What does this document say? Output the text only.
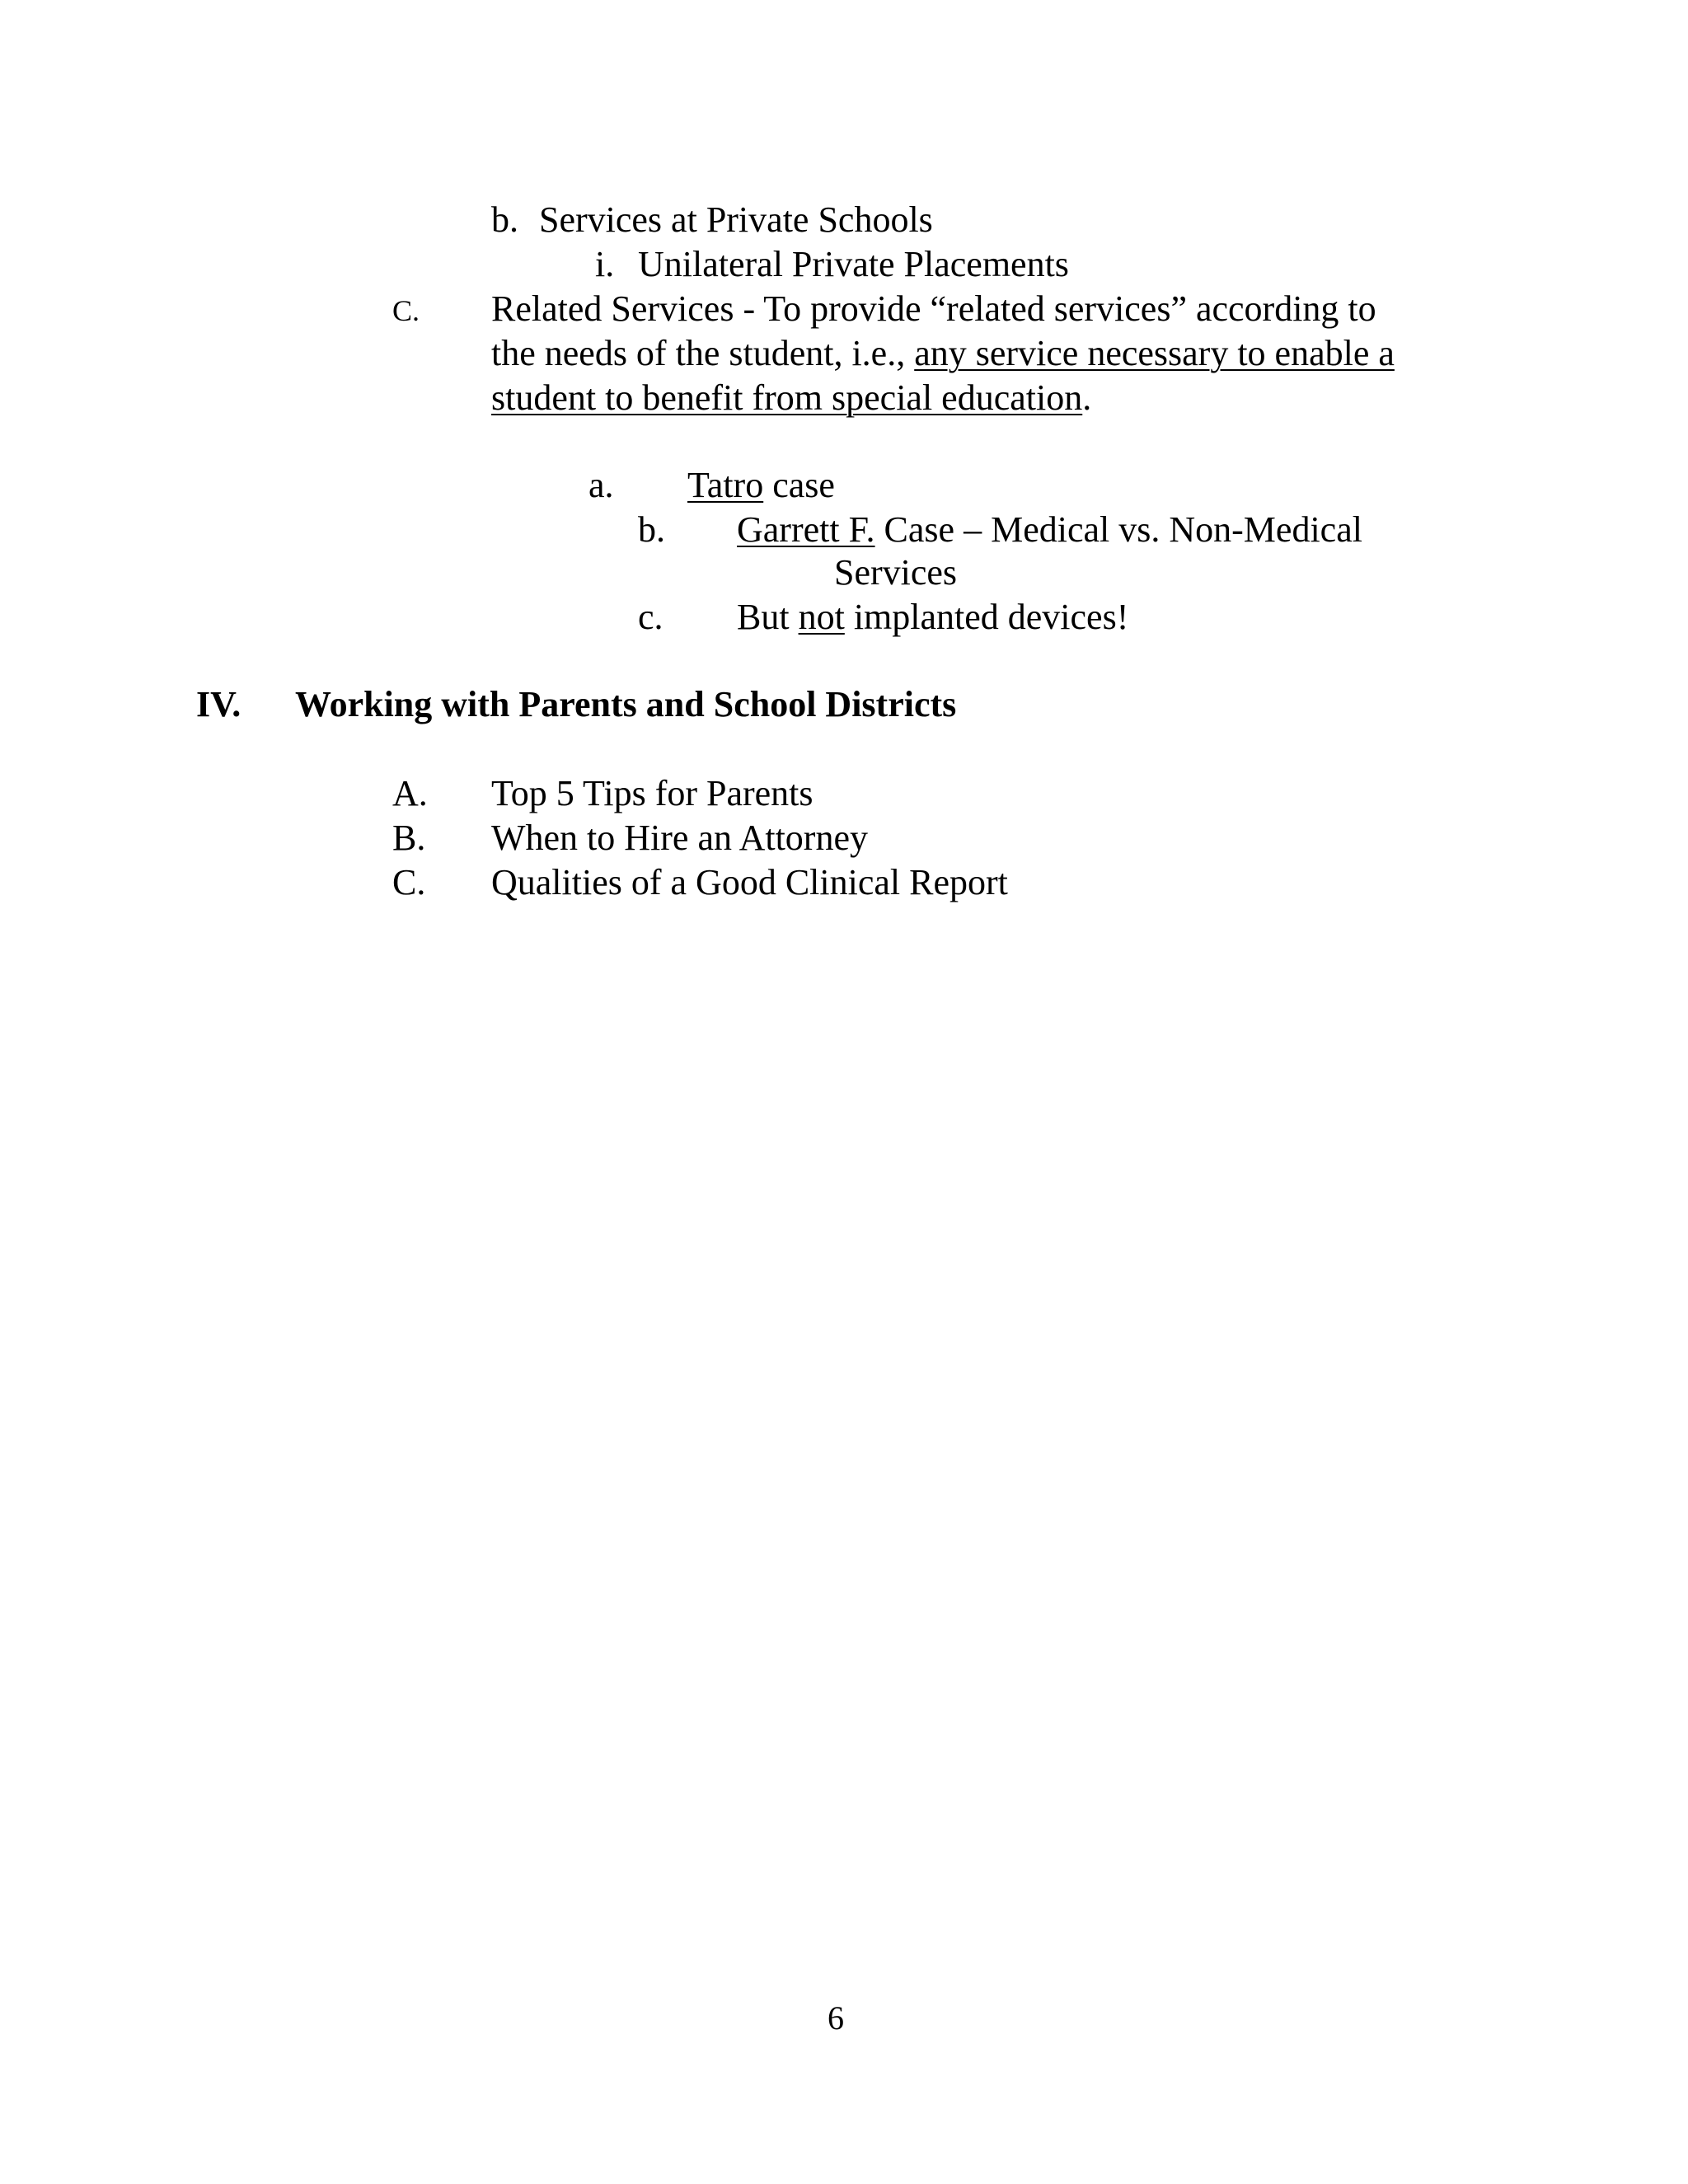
b. Services at Private Schools
i. Unilateral Private Placements
C. Related Services - To provide “related services” according to
the needs of the student, i.e., any service necessary to enable a
student to benefit from special education.
a. Tatro case
b. Garrett F. Case – Medical vs. Non-Medical
Services
c. But not implanted devices!
IV. Working with Parents and School Districts
A. Top 5 Tips for Parents
B. When to Hire an Attorney
C. Qualities of a Good Clinical Report
6
